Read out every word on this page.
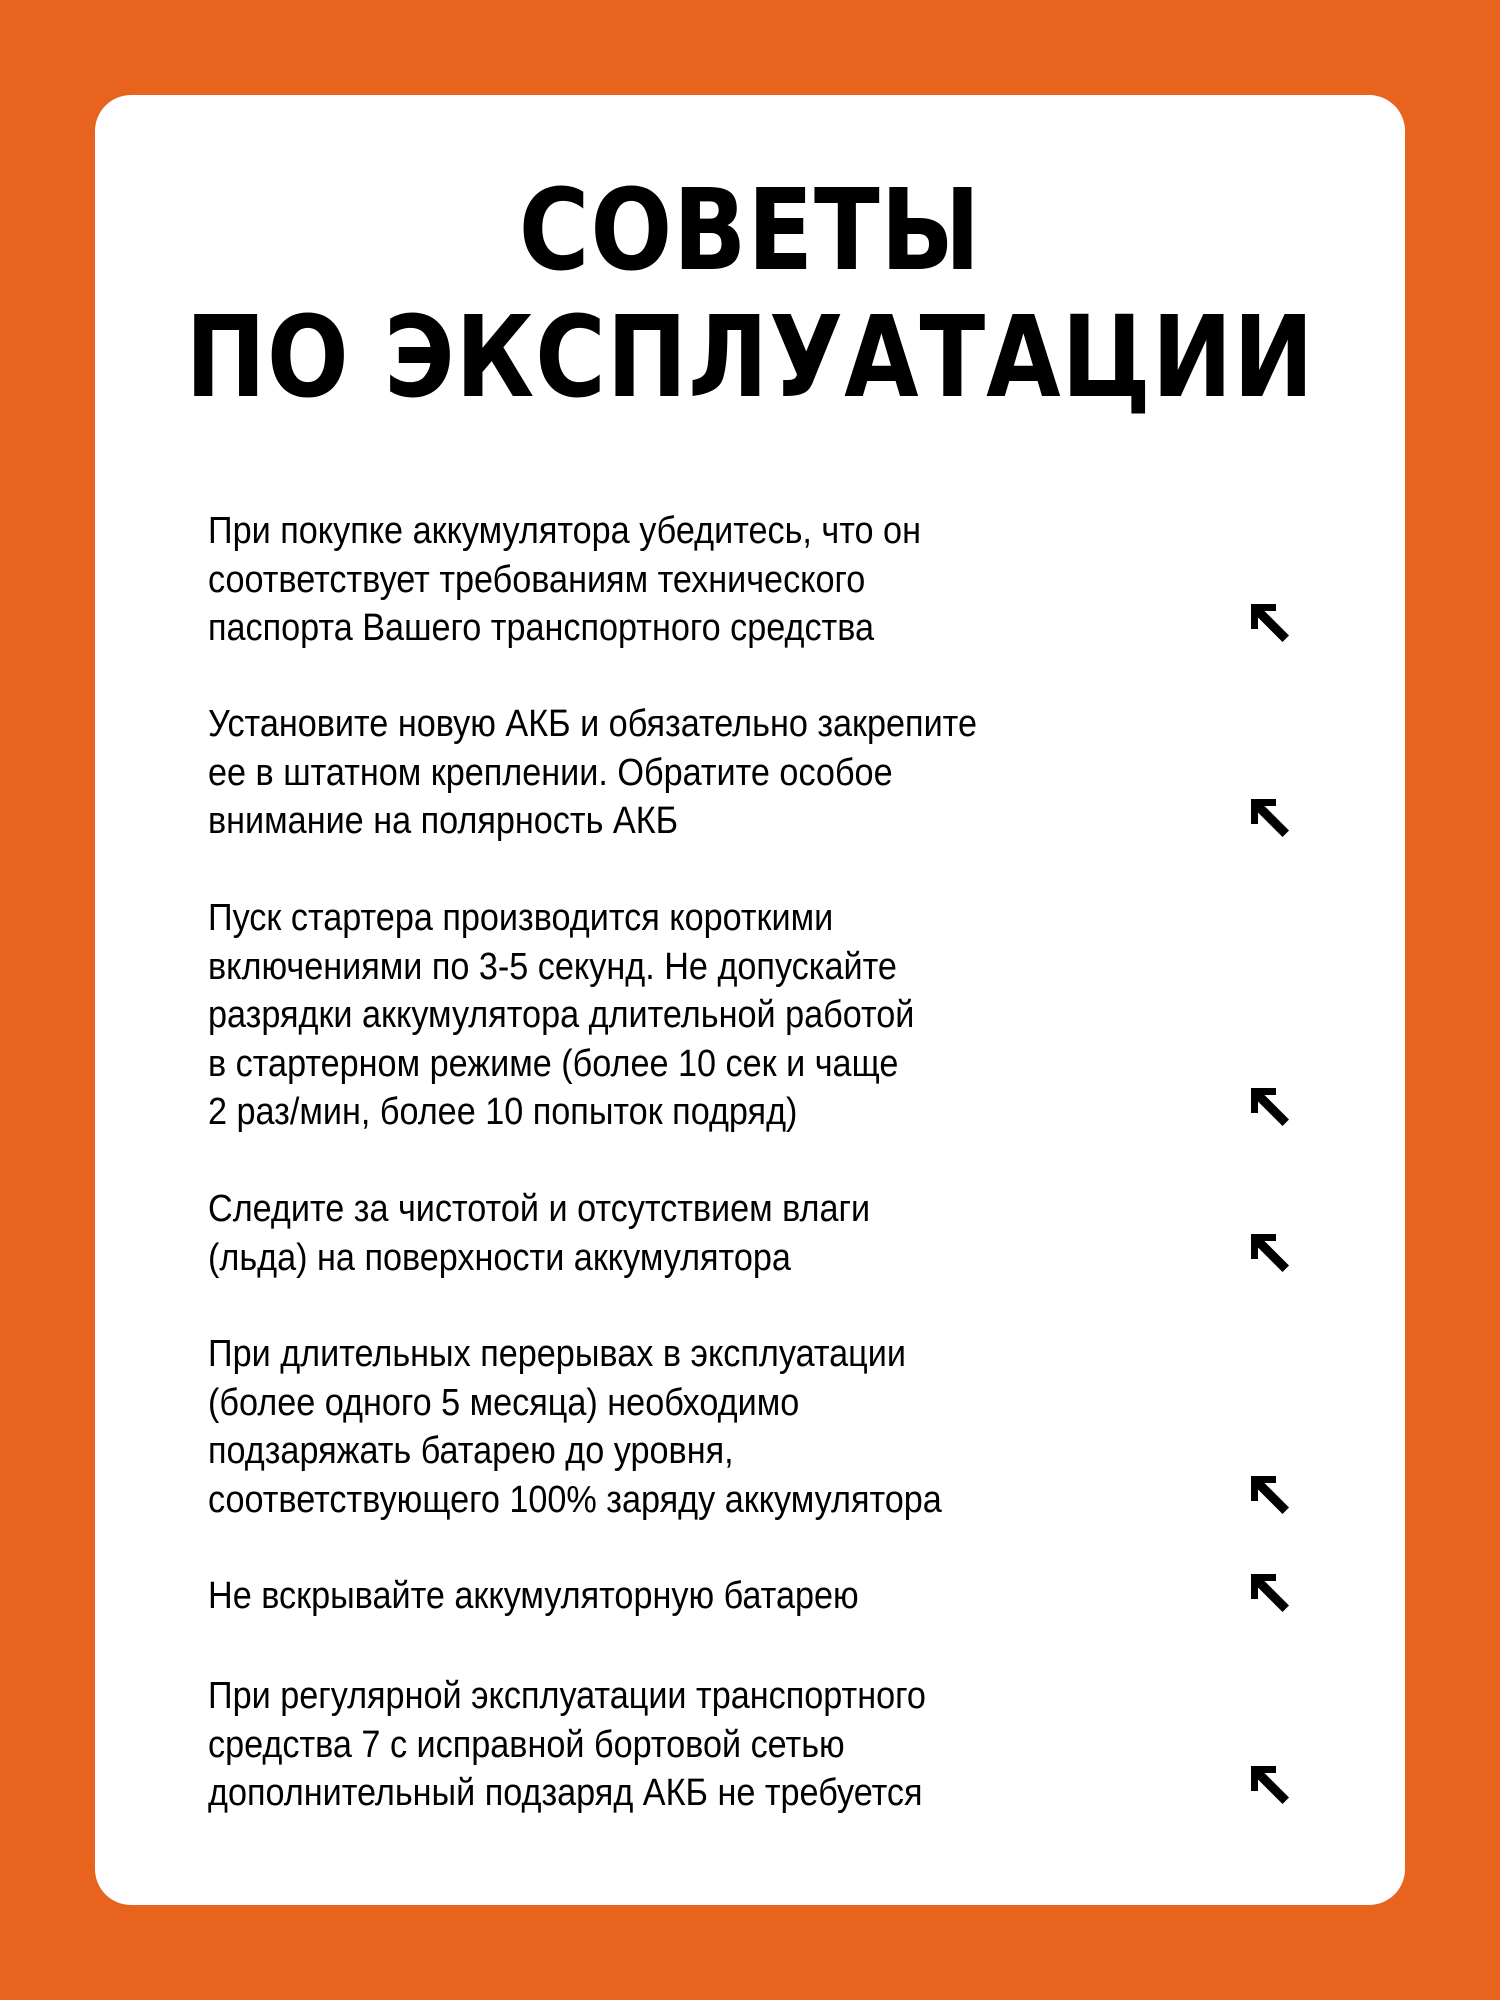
СОВЕТЫ
ПО ЭКСПЛУАТАЦИИ

При покупке аккумулятора убедитесь, что он
соответствует требованиям технического
паспорта Вашего транспортного средства

Установите новую АКБ и обязательно закрепите
ее в штатном креплении. Обратите особое
внимание на полярность АКБ

Пуск стартера производится короткими
включениями по 3-5 секунд. Не допускайте
разрядки аккумулятора длительной работой
в стартерном режиме (более 10 сек и чаще
2 раз/мин, более 10 попыток подряд)

Следите за чистотой и отсутствием влаги
(льда) на поверхности аккумулятора

При длительных перерывах в эксплуатации
(более одного 5 месяца) необходимо
подзаряжать батарею до уровня,
соответствующего 100% заряду аккумулятора

Не вскрывайте аккумуляторную батарею

При регулярной эксплуатации транспортного
средства 7 с исправной бортовой сетью
дополнительный подзаряд АКБ не требуется
